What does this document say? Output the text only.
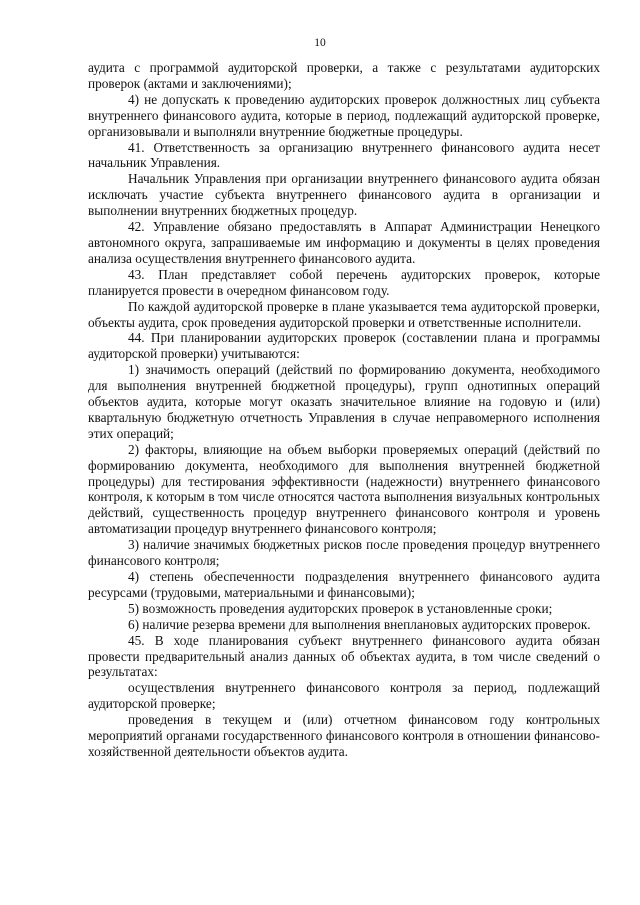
10

аудита с программой аудиторской проверки, а также с результатами аудиторских проверок (актами и заключениями);

4) не допускать к проведению аудиторских проверок должностных лиц субъекта внутреннего финансового аудита, которые в период, подлежащий аудиторской проверке, организовывали и выполняли внутренние бюджетные процедуры.

41. Ответственность за организацию внутреннего финансового аудита несет начальник Управления.

Начальник Управления при организации внутреннего финансового аудита обязан исключать участие субъекта внутреннего финансового аудита в организации и выполнении внутренних бюджетных процедур.

42. Управление обязано предоставлять в Аппарат Администрации Ненецкого автономного округа, запрашиваемые им информацию и документы в целях проведения анализа осуществления внутреннего финансового аудита.

43. План представляет собой перечень аудиторских проверок, которые планируется провести в очередном финансовом году.

По каждой аудиторской проверке в плане указывается тема аудиторской проверки, объекты аудита, срок проведения аудиторской проверки и ответственные исполнители.

44. При планировании аудиторских проверок (составлении плана и программы аудиторской проверки) учитываются:

1) значимость операций (действий по формированию документа, необходимого для выполнения внутренней бюджетной процедуры), групп однотипных операций объектов аудита, которые могут оказать значительное влияние на годовую и (или) квартальную бюджетную отчетность Управления в случае неправомерного исполнения этих операций;

2) факторы, влияющие на объем выборки проверяемых операций (действий по формированию документа, необходимого для выполнения внутренней бюджетной процедуры) для тестирования эффективности (надежности) внутреннего финансового контроля, к которым в том числе относятся частота выполнения визуальных контрольных действий, существенность процедур внутреннего финансового контроля и уровень автоматизации процедур внутреннего финансового контроля;

3) наличие значимых бюджетных рисков после проведения процедур внутреннего финансового контроля;

4) степень обеспеченности подразделения внутреннего финансового аудита ресурсами (трудовыми, материальными и финансовыми);

5) возможность проведения аудиторских проверок в установленные сроки;

6) наличие резерва времени для выполнения внеплановых аудиторских проверок.

45. В ходе планирования субъект внутреннего финансового аудита обязан провести предварительный анализ данных об объектах аудита, в том числе сведений о результатах:

осуществления внутреннего финансового контроля за период, подлежащий аудиторской проверке;

проведения в текущем и (или) отчетном финансовом году контрольных мероприятий органами государственного финансового контроля в отношении финансово-хозяйственной деятельности объектов аудита.
